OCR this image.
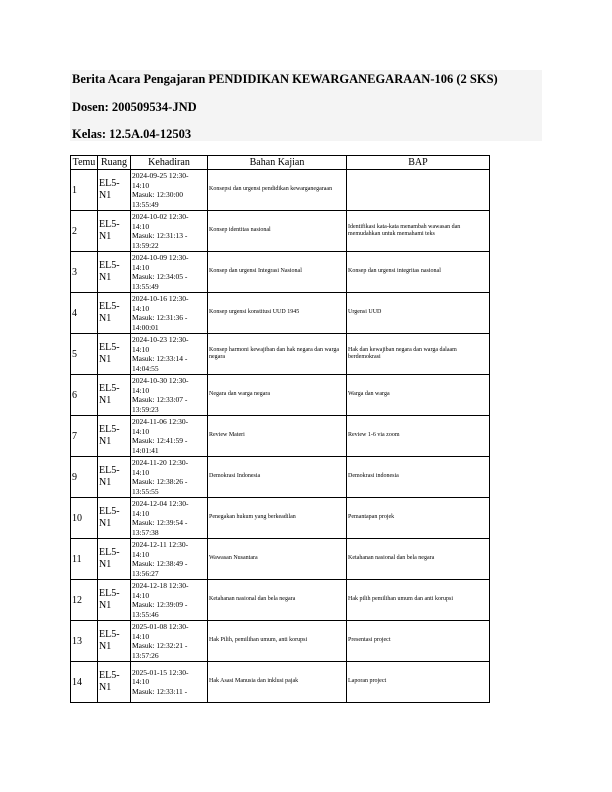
Berita Acara Pengajaran PENDIDIKAN KEWARGANEGARAAN-106 (2 SKS)
Dosen: 200509534-JND
Kelas: 12.5A.04-12503
Temu	Ruang	Kehadiran	Bahan Kajian	BAP
1	EL5-
N1	2024-09-25 12:30-
14:10
Masuk: 12:30:00
13:55:49	Konsepsi dan urgensi pendidikan kewarganegaraan	
2	EL5-
N1	2024-10-02 12:30-
14:10
Masuk: 12:31:13 -
13:59:22	Konsep identitas nasional	Identifikasi kata-kata menambah wawasan dan memudahkan untuk memahami teks
3	EL5-
N1	2024-10-09 12:30-
14:10
Masuk: 12:34:05 -
13:55:49	Konsep dan urgensi Integrasi Nasional	Konsep dan urgensi integritas nasional
4	EL5-
N1	2024-10-16 12:30-
14:10
Masuk: 12:31:36 -
14:00:01	Konsep urgensi konstitusi UUD 1945	Urgensi UUD
5	EL5-
N1	2024-10-23 12:30-
14:10
Masuk: 12:33:14 -
14:04:55	Konsep harmoni kewajiban dan hak negara dan warga negara	Hak dan kewajiban negara dan warga dalaam berdemokrasi
6	EL5-
N1	2024-10-30 12:30-
14:10
Masuk: 12:33:07 -
13:59:23	Negara dan warga negara	Warga dan warga
7	EL5-
N1	2024-11-06 12:30-
14:10
Masuk: 12:41:59 -
14:01:41	Review Materi	Review 1-6 via zoom
9	EL5-
N1	2024-11-20 12:30-
14:10
Masuk: 12:38:26 -
13:55:55	Demokrasi Indonesia	Demokrasi indonesia
10	EL5-
N1	2024-12-04 12:30-
14:10
Masuk: 12:39:54 -
13:57:38	Penegakan hukum yang berkeadilan	Pemantapan projek
11	EL5-
N1	2024-12-11 12:30-
14:10
Masuk: 12:38:49 -
13:56:27	Wawasan Nusantara	Ketahanan nasional dan bela negara
12	EL5-
N1	2024-12-18 12:30-
14:10
Masuk: 12:39:09 -
13:55:46	Ketahanan nasional dan bela negara	Hak pilih pemilihan umum dan anti korupsi
13	EL5-
N1	2025-01-08 12:30-
14:10
Masuk: 12:32:21 -
13:57:26	Hak Pilih, pemilihan umum, anti korupsi	Presentasi project
14	EL5-
N1	2025-01-15 12:30-
14:10
Masuk: 12:33:11 -	Hak Asasi Manusia dan inklusi pajak	Laporan project
